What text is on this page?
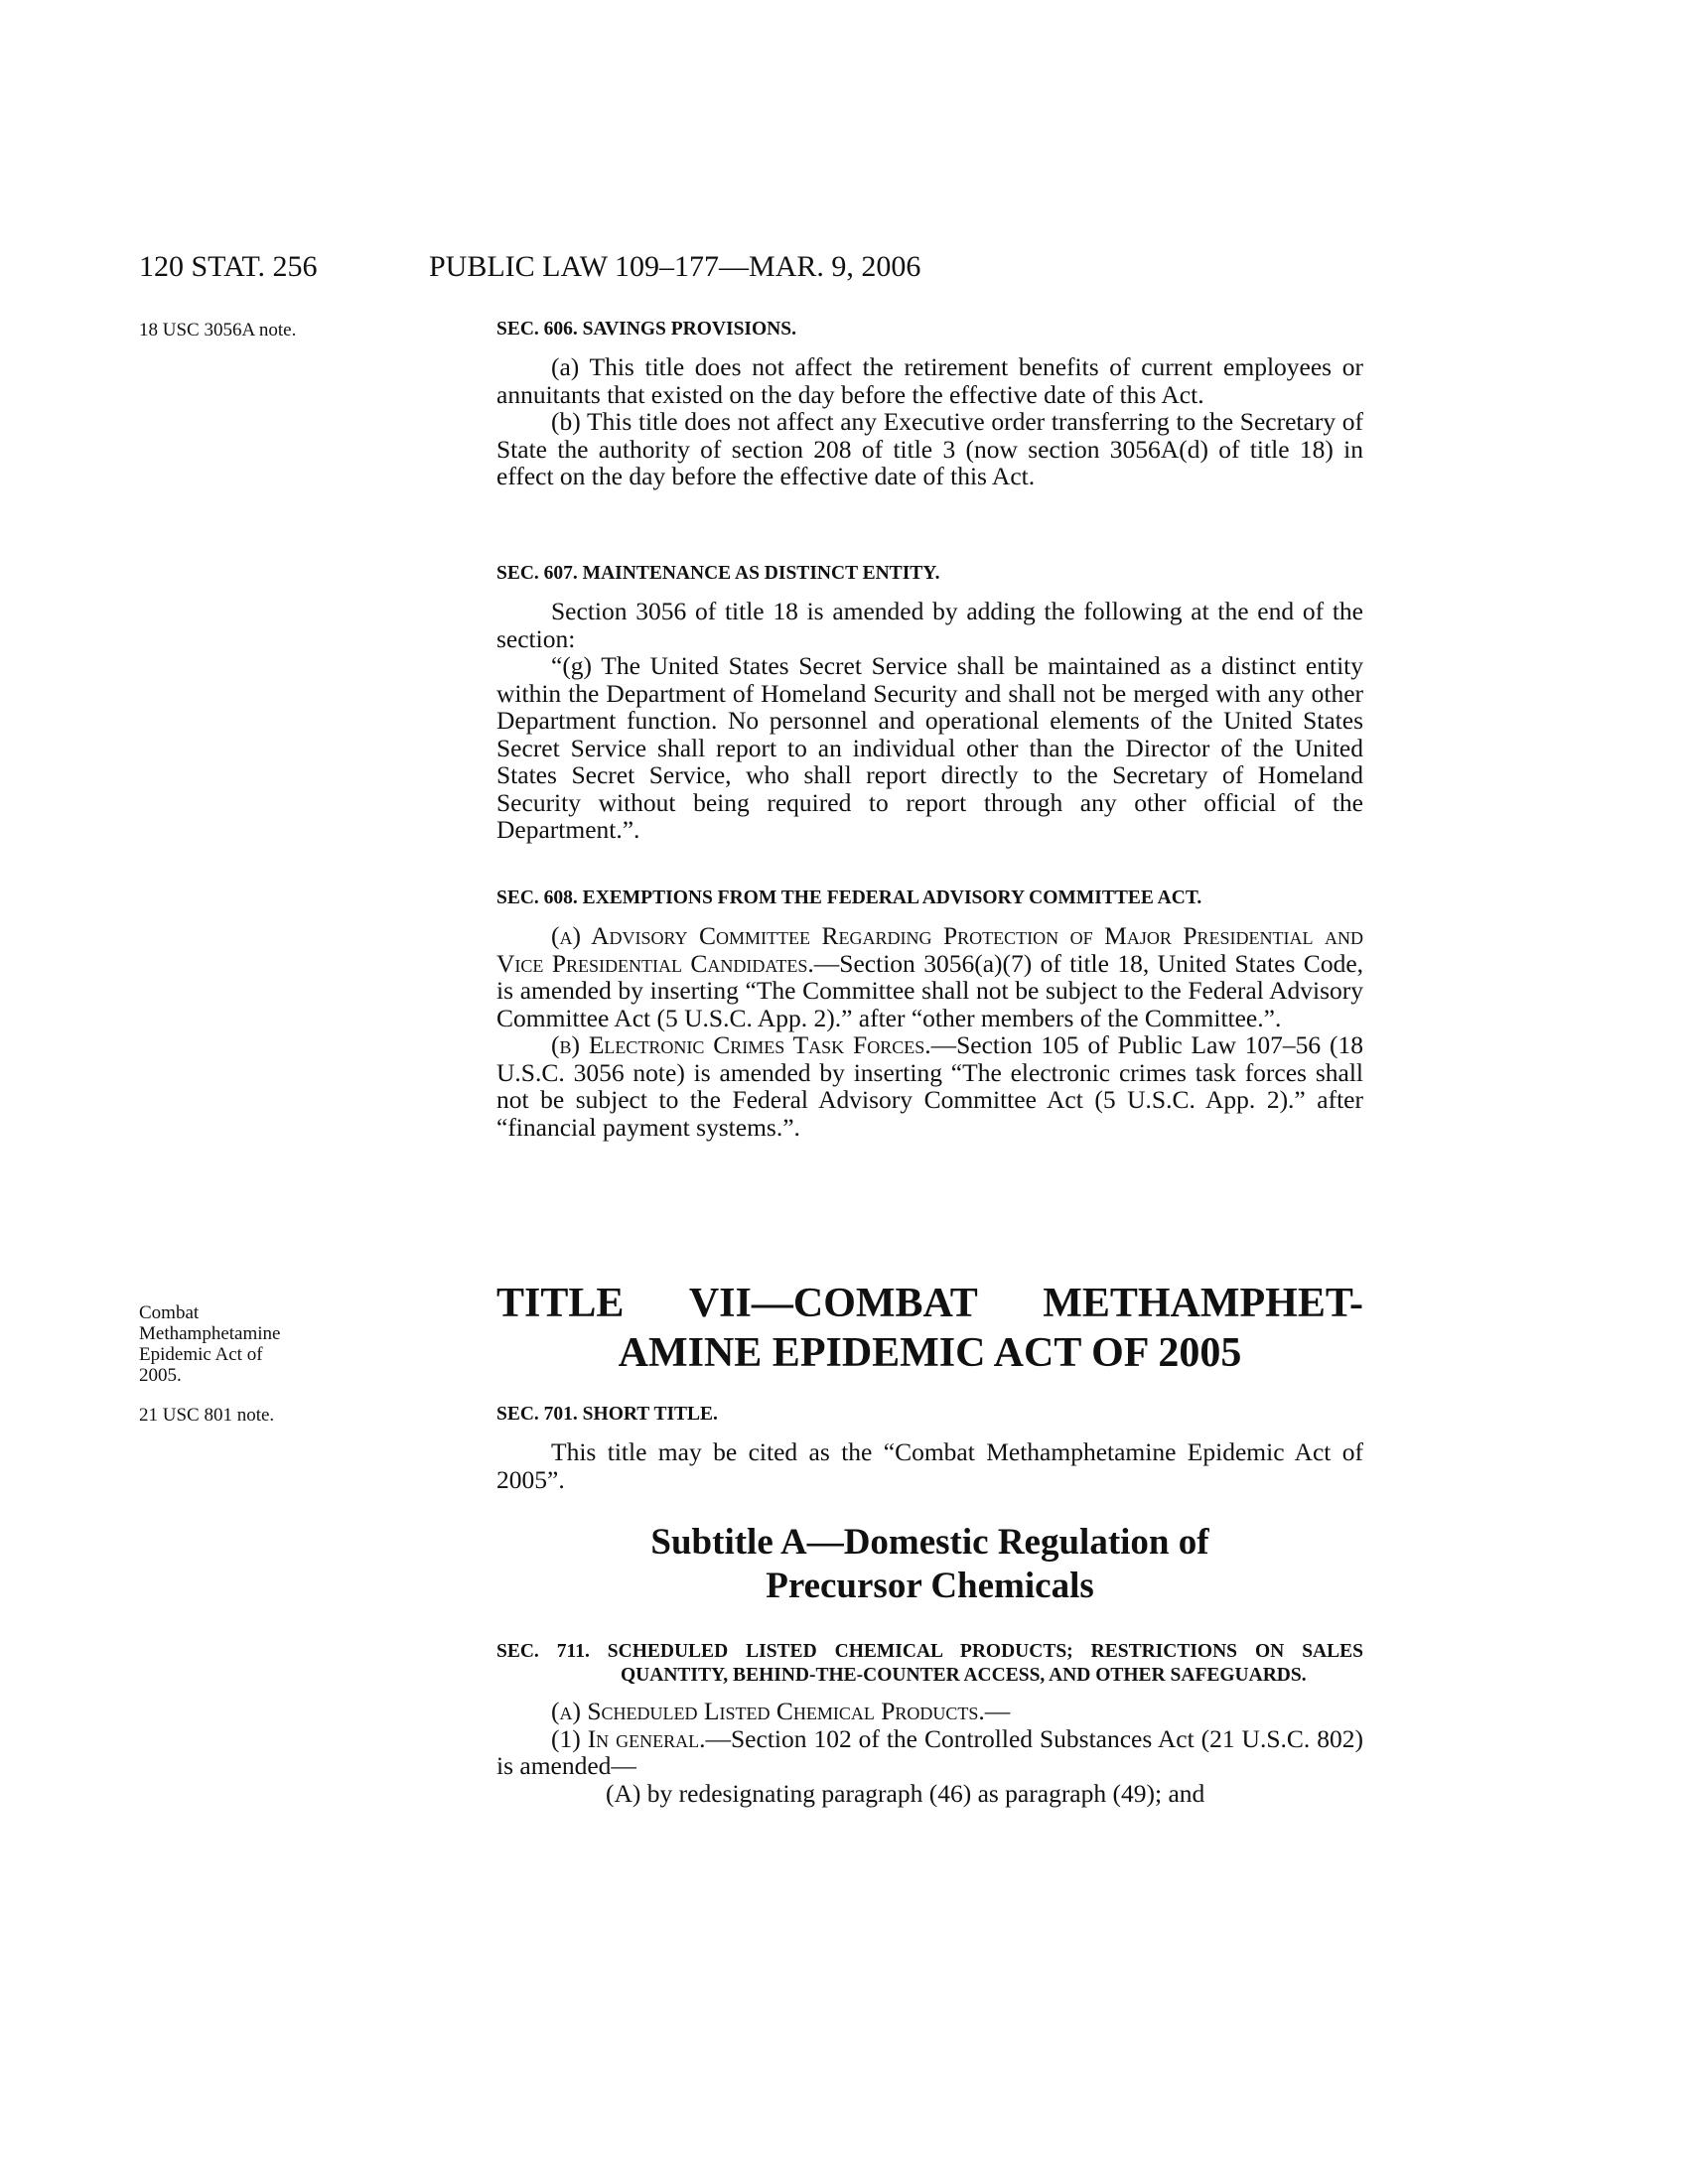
120 STAT. 256	PUBLIC LAW 109–177—MAR. 9, 2006
18 USC 3056A note.
Combat Methamphetamine Epidemic Act of 2005.
21 USC 801 note.

SEC. 606. SAVINGS PROVISIONS.

(a) This title does not affect the retirement benefits of current employees or annuitants that existed on the day before the effective date of this Act.

(b) This title does not affect any Executive order transferring to the Secretary of State the authority of section 208 of title 3 (now section 3056A(d) of title 18) in effect on the day before the effective date of this Act.

SEC. 607. MAINTENANCE AS DISTINCT ENTITY.

Section 3056 of title 18 is amended by adding the following at the end of the section:

“(g) The United States Secret Service shall be maintained as a distinct entity within the Department of Homeland Security and shall not be merged with any other Department function. No personnel and operational elements of the United States Secret Service shall report to an individual other than the Director of the United States Secret Service, who shall report directly to the Secretary of Homeland Security without being required to report through any other official of the Department.”.

SEC. 608. EXEMPTIONS FROM THE FEDERAL ADVISORY COMMITTEE ACT.

(a) Advisory Committee Regarding Protection of Major Presidential and Vice Presidential Candidates.—Section 3056(a)(7) of title 18, United States Code, is amended by inserting “The Committee shall not be subject to the Federal Advisory Committee Act (5 U.S.C. App. 2).” after “other members of the Committee.”.

(b) Electronic Crimes Task Forces.—Section 105 of Public Law 107–56 (18 U.S.C. 3056 note) is amended by inserting “The electronic crimes task forces shall not be subject to the Federal Advisory Committee Act (5 U.S.C. App. 2).” after “financial payment systems.”.

TITLE VII—COMBAT METHAMPHET-
AMINE EPIDEMIC ACT OF 2005

SEC. 701. SHORT TITLE.

This title may be cited as the “Combat Methamphetamine Epidemic Act of 2005”.

Subtitle A—Domestic Regulation of
Precursor Chemicals

SEC. 711. SCHEDULED LISTED CHEMICAL PRODUCTS; RESTRICTIONS ON SALES QUANTITY, BEHIND-THE-COUNTER ACCESS, AND OTHER SAFEGUARDS.

(a) Scheduled Listed Chemical Products.—

(1) In general.—Section 102 of the Controlled Substances Act (21 U.S.C. 802) is amended—

(A) by redesignating paragraph (46) as paragraph (49); and
